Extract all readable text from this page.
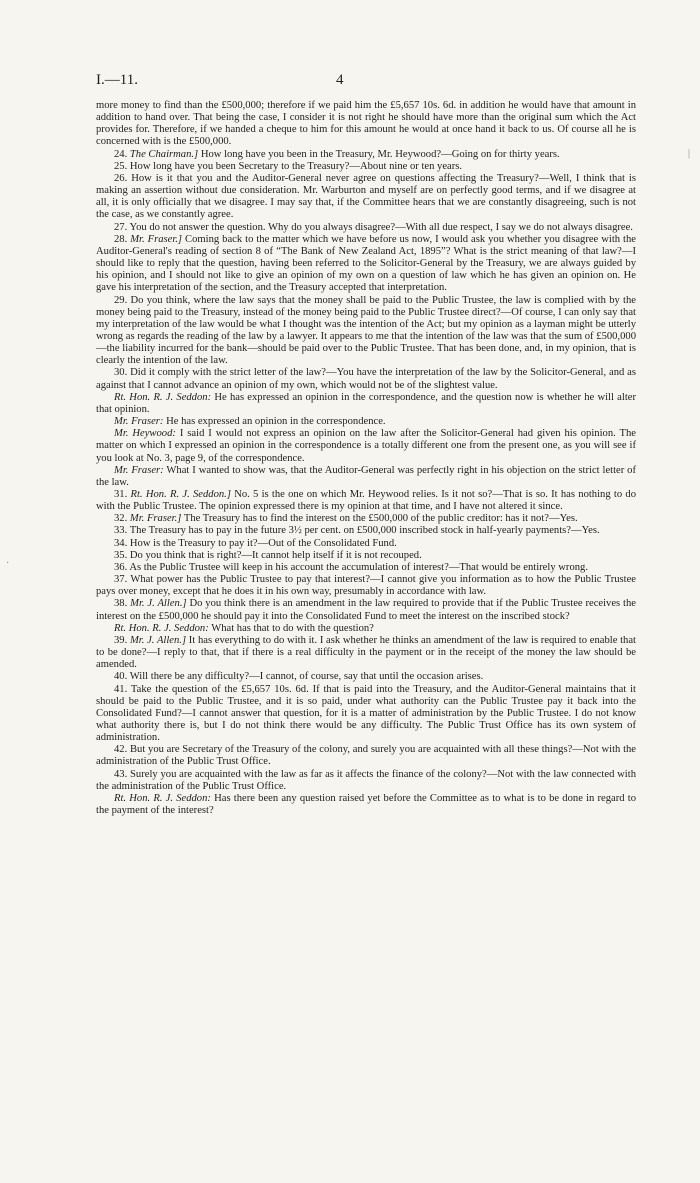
I.—11.	4

more money to find than the £500,000; therefore if we paid him the £5,657 10s. 6d. in addition he would have that amount in addition to hand over. That being the case, I consider it is not right he should have more than the original sum which the Act provides for. Therefore, if we handed a cheque to him for this amount he would at once hand it back to us. Of course all he is concerned with is the £500,000.

24. The Chairman.] How long have you been in the Treasury, Mr. Heywood?—Going on for thirty years.

25. How long have you been Secretary to the Treasury?—About nine or ten years.

26. How is it that you and the Auditor-General never agree on questions affecting the Treasury?—Well, I think that is making an assertion without due consideration. Mr. Warburton and myself are on perfectly good terms, and if we disagree at all, it is only officially that we disagree. I may say that, if the Committee hears that we are constantly disagreeing, such is not the case, as we constantly agree.

27. You do not answer the question. Why do you always disagree?—With all due respect, I say we do not always disagree.

28. Mr. Fraser.] Coming back to the matter which we have before us now, I would ask you whether you disagree with the Auditor-General's reading of section 8 of “The Bank of New Zealand Act, 1895”? What is the strict meaning of that law?—I should like to reply that the question, having been referred to the Solicitor-General by the Treasury, we are always guided by his opinion, and I should not like to give an opinion of my own on a question of law which he has given an opinion on. He gave his interpretation of the section, and the Treasury accepted that interpretation.

29. Do you think, where the law says that the money shall be paid to the Public Trustee, the law is complied with by the money being paid to the Treasury, instead of the money being paid to the Public Trustee direct?—Of course, I can only say that my interpretation of the law would be what I thought was the intention of the Act; but my opinion as a layman might be utterly wrong as regards the reading of the law by a lawyer. It appears to me that the intention of the law was that the sum of £500,000—the liability incurred for the bank—should be paid over to the Public Trustee. That has been done, and, in my opinion, that is clearly the intention of the law.

30. Did it comply with the strict letter of the law?—You have the interpretation of the law by the Solicitor-General, and as against that I cannot advance an opinion of my own, which would not be of the slightest value.

Rt. Hon. R. J. Seddon: He has expressed an opinion in the correspondence, and the question now is whether he will alter that opinion.

Mr. Fraser: He has expressed an opinion in the correspondence.

Mr. Heywood: I said I would not express an opinion on the law after the Solicitor-General had given his opinion. The matter on which I expressed an opinion in the correspondence is a totally different one from the present one, as you will see if you look at No. 3, page 9, of the correspondence.

Mr. Fraser: What I wanted to show was, that the Auditor-General was perfectly right in his objection on the strict letter of the law.

31. Rt. Hon. R. J. Seddon.] No. 5 is the one on which Mr. Heywood relies. Is it not so?—That is so. It has nothing to do with the Public Trustee. The opinion expressed there is my opinion at that time, and I have not altered it since.

32. Mr. Fraser.] The Treasury has to find the interest on the £500,000 of the public creditor: has it not?—Yes.

33. The Treasury has to pay in the future 3½ per cent. on £500,000 inscribed stock in half-yearly payments?—Yes.

34. How is the Treasury to pay it?—Out of the Consolidated Fund.

35. Do you think that is right?—It cannot help itself if it is not recouped.

36. As the Public Trustee will keep in his account the accumulation of interest?—That would be entirely wrong.

37. What power has the Public Trustee to pay that interest?—I cannot give you information as to how the Public Trustee pays over money, except that he does it in his own way, presumably in accordance with law.

38. Mr. J. Allen.] Do you think there is an amendment in the law required to provide that if the Public Trustee receives the interest on the £500,000 he should pay it into the Consolidated Fund to meet the interest on the inscribed stock?

Rt. Hon. R. J. Seddon: What has that to do with the question?

39. Mr. J. Allen.] It has everything to do with it. I ask whether he thinks an amendment of the law is required to enable that to be done?—I reply to that, that if there is a real difficulty in the payment or in the receipt of the money the law should be amended.

40. Will there be any difficulty?—I cannot, of course, say that until the occasion arises.

41. Take the question of the £5,657 10s. 6d. If that is paid into the Treasury, and the Auditor-General maintains that it should be paid to the Public Trustee, and it is so paid, under what authority can the Public Trustee pay it back into the Consolidated Fund?—I cannot answer that question, for it is a matter of administration by the Public Trustee. I do not know what authority there is, but I do not think there would be any difficulty. The Public Trust Office has its own system of administration.

42. But you are Secretary of the Treasury of the colony, and surely you are acquainted with all these things?—Not with the administration of the Public Trust Office.

43. Surely you are acquainted with the law as far as it affects the finance of the colony?—Not with the law connected with the administration of the Public Trust Office.

Rt. Hon. R. J. Seddon: Has there been any question raised yet before the Committee as to what is to be done in regard to the payment of the interest?

|
·
